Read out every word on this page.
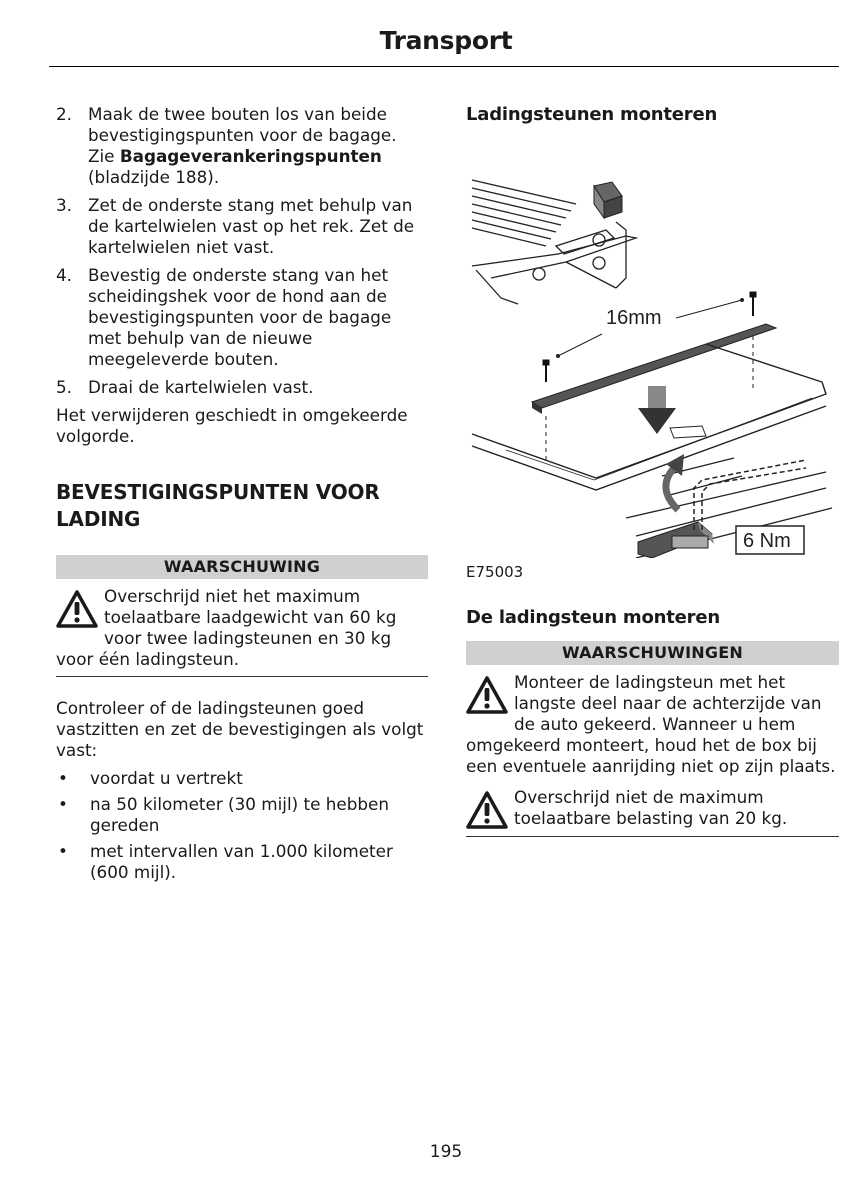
Transport
2. Maak de twee bouten los van beide bevestigingspunten voor de bagage. Zie Bagageverankeringspunten (bladzijde 188).
3. Zet de onderste stang met behulp van de kartelwielen vast op het rek. Zet de kartelwielen niet vast.
4. Bevestig de onderste stang van het scheidingshek voor de hond aan de bevestigingspunten voor de bagage met behulp van de nieuwe meegeleverde bouten.
5. Draai de kartelwielen vast.

Het verwijderen geschiedt in omgekeerde volgorde.

BEVESTIGINGSPUNTEN VOOR LADING
WAARSCHUWING
Overschrijd niet het maximum toelaatbare laadgewicht van 60 kg voor twee ladingsteunen en 30 kg voor één ladingsteun.

Controleer of de ladingsteunen goed vastzitten en zet de bevestigingen als volgt vast:

•	voordat u vertrekt
•	na 50 kilometer (30 mijl) te hebben gereden
•	met intervallen van 1.000 kilometer (600 mijl).
Ladingsteunen monteren
16mm
6 Nm
E75003
De ladingsteun monteren
WAARSCHUWINGEN
Monteer de ladingsteun met het langste deel naar de achterzijde van de auto gekeerd. Wanneer u hem omgekeerd monteert, houd het de box bij een eventuele aanrijding niet op zijn plaats.
Overschrijd niet de maximum toelaatbare belasting van 20 kg.
195
